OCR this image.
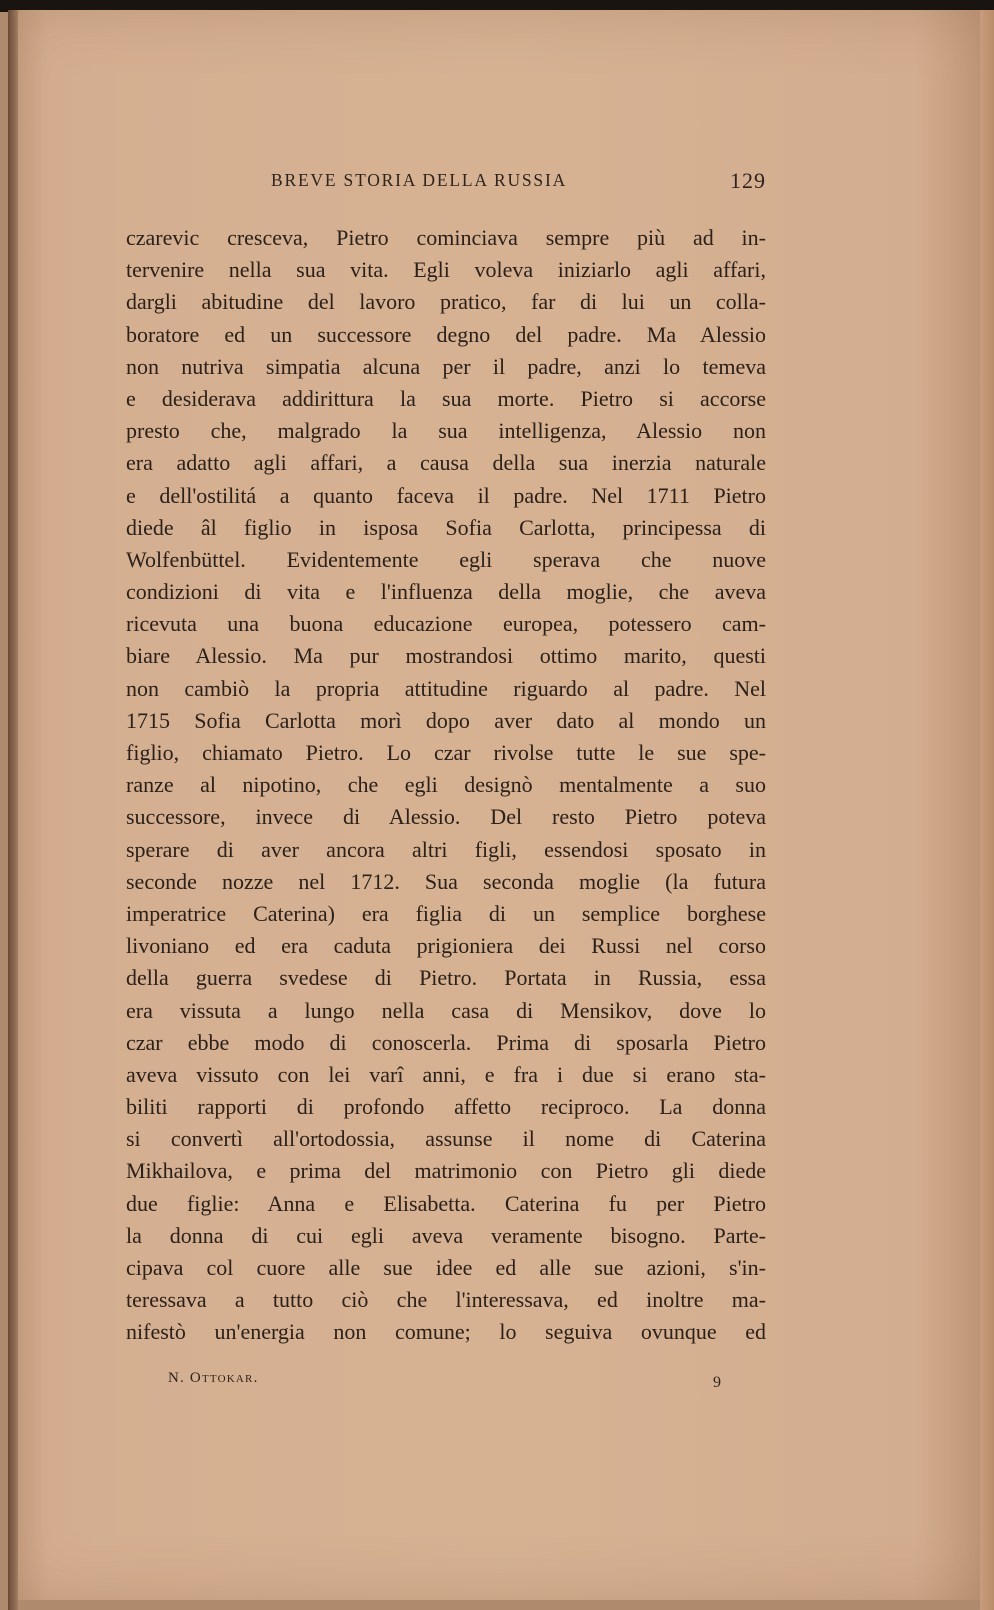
BREVE STORIA DELLA RUSSIA	129
czarevic cresceva, Pietro cominciava sempre più ad in-
tervenire nella sua vita. Egli voleva iniziarlo agli affari,
dargli abitudine del lavoro pratico, far di lui un colla-
boratore ed un successore degno del padre. Ma Alessio
non nutriva simpatia alcuna per il padre, anzi lo temeva
e desiderava addirittura la sua morte. Pietro si accorse
presto che, malgrado la sua intelligenza, Alessio non
era adatto agli affari, a causa della sua inerzia naturale
e dell'ostilitá a quanto faceva il padre. Nel 1711 Pietro
diede âl figlio in isposa Sofia Carlotta, principessa di
Wolfenbüttel. Evidentemente egli sperava che nuove
condizioni di vita e l'influenza della moglie, che aveva
ricevuta una buona educazione europea, potessero cam-
biare Alessio. Ma pur mostrandosi ottimo marito, questi
non cambiò la propria attitudine riguardo al padre. Nel
1715 Sofia Carlotta morì dopo aver dato al mondo un
figlio, chiamato Pietro. Lo czar rivolse tutte le sue spe-
ranze al nipotino, che egli designò mentalmente a suo
successore, invece di Alessio. Del resto Pietro poteva
sperare di aver ancora altri figli, essendosi sposato in
seconde nozze nel 1712. Sua seconda moglie (la futura
imperatrice Caterina) era figlia di un semplice borghese
livoniano ed era caduta prigioniera dei Russi nel corso
della guerra svedese di Pietro. Portata in Russia, essa
era vissuta a lungo nella casa di Mensikov, dove lo
czar ebbe modo di conoscerla. Prima di sposarla Pietro
aveva vissuto con lei varî anni, e fra i due si erano sta-
biliti rapporti di profondo affetto reciproco. La donna
si convertì all'ortodossia, assunse il nome di Caterina
Mikhailova, e prima del matrimonio con Pietro gli diede
due figlie: Anna e Elisabetta. Caterina fu per Pietro
la donna di cui egli aveva veramente bisogno. Parte-
cipava col cuore alle sue idee ed alle sue azioni, s'in-
teressava a tutto ciò che l'interessava, ed inoltre ma-
nifestò un'energia non comune; lo seguiva ovunque ed
N. Ottokar.	9
